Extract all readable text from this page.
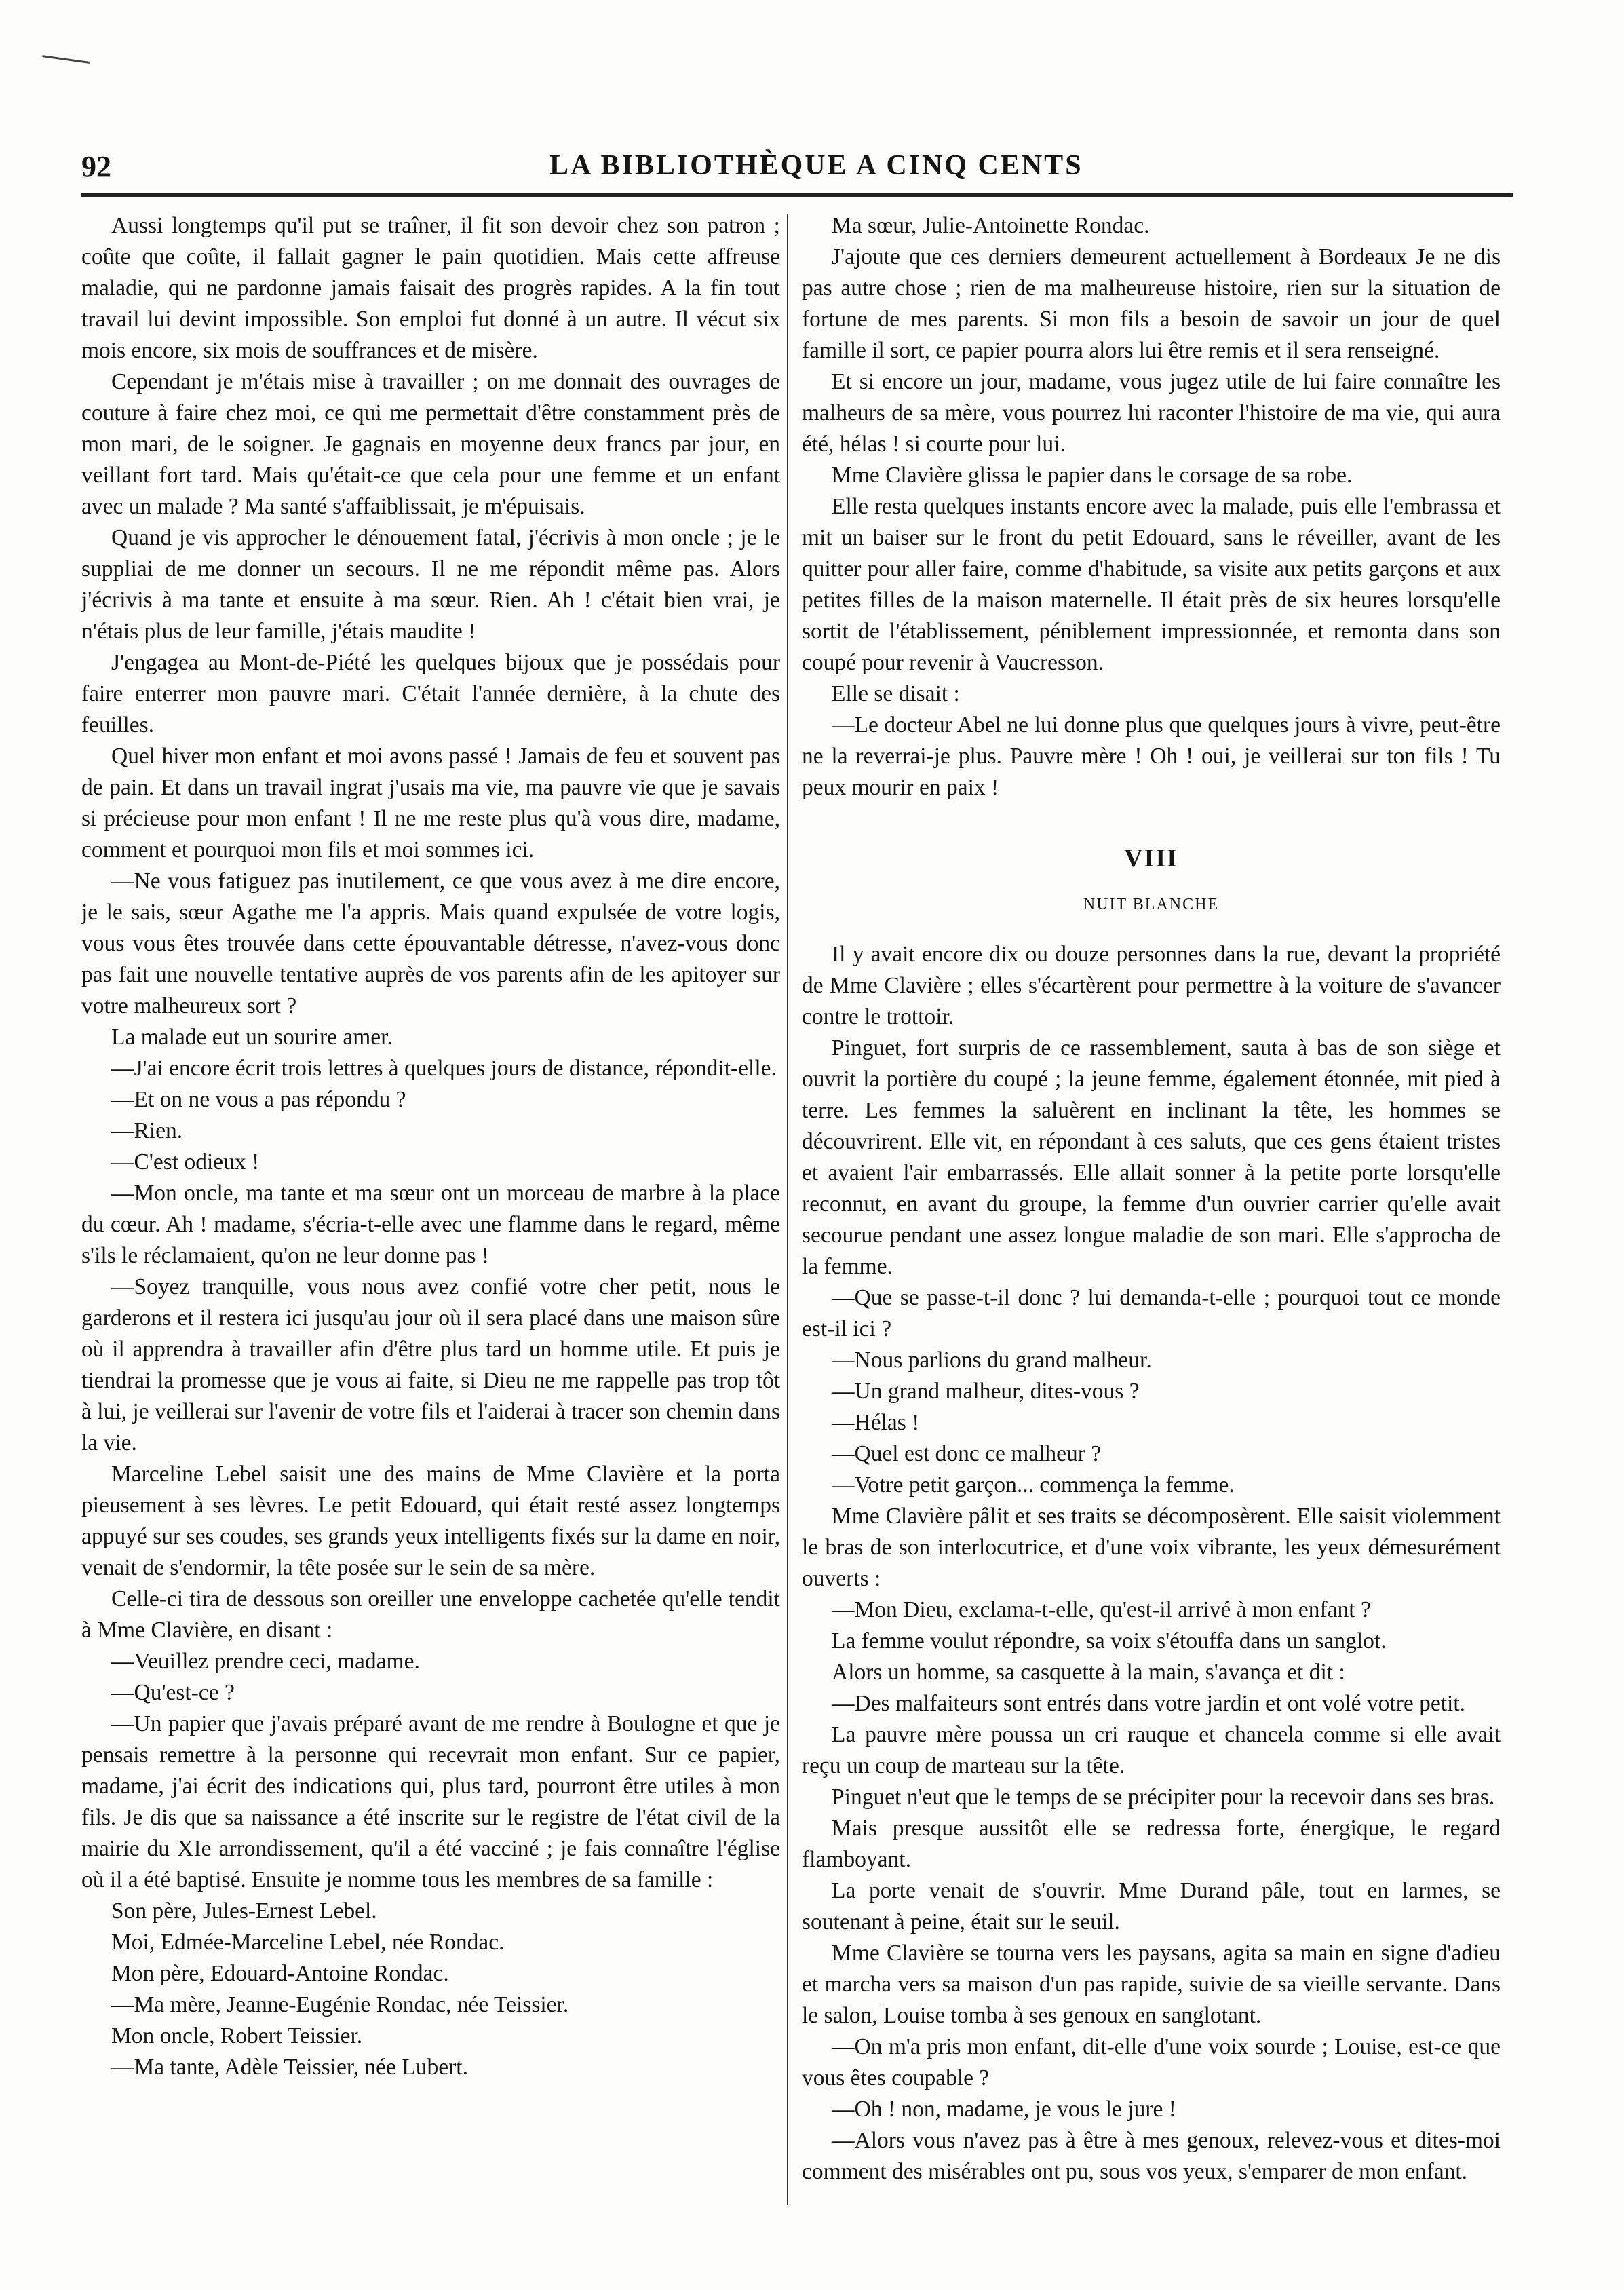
92	LA BIBLIOTHÈQUE A CINQ CENTS

Aussi longtemps qu'il put se traîner, il fit son devoir chez son patron ; coûte que coûte, il fallait gagner le pain quotidien. Mais cette affreuse maladie, qui ne pardonne jamais faisait des progrès rapides. A la fin tout travail lui devint impossible. Son emploi fut donné à un autre. Il vécut six mois encore, six mois de souffrances et de misère.

Cependant je m'étais mise à travailler ; on me donnait des ouvrages de couture à faire chez moi, ce qui me permettait d'être constamment près de mon mari, de le soigner. Je gagnais en moyenne deux francs par jour, en veillant fort tard. Mais qu'était-ce que cela pour une femme et un enfant avec un malade ? Ma santé s'affaiblissait, je m'épuisais.

Quand je vis approcher le dénouement fatal, j'écrivis à mon oncle ; je le suppliai de me donner un secours. Il ne me répondit même pas. Alors j'écrivis à ma tante et ensuite à ma sœur. Rien. Ah ! c'était bien vrai, je n'étais plus de leur famille, j'étais maudite !

J'engagea au Mont-de-Piété les quelques bijoux que je possédais pour faire enterrer mon pauvre mari. C'était l'année dernière, à la chute des feuilles.

Quel hiver mon enfant et moi avons passé ! Jamais de feu et souvent pas de pain. Et dans un travail ingrat j'usais ma vie, ma pauvre vie que je savais si précieuse pour mon enfant ! Il ne me reste plus qu'à vous dire, madame, comment et pourquoi mon fils et moi sommes ici.

—Ne vous fatiguez pas inutilement, ce que vous avez à me dire encore, je le sais, sœur Agathe me l'a appris. Mais quand expulsée de votre logis, vous vous êtes trouvée dans cette épouvantable détresse, n'avez-vous donc pas fait une nouvelle tentative auprès de vos parents afin de les apitoyer sur votre malheureux sort ?

La malade eut un sourire amer.

—J'ai encore écrit trois lettres à quelques jours de distance, répondit-elle.

—Et on ne vous a pas répondu ?

—Rien.

—C'est odieux !

—Mon oncle, ma tante et ma sœur ont un morceau de marbre à la place du cœur. Ah ! madame, s'écria-t-elle avec une flamme dans le regard, même s'ils le réclamaient, qu'on ne leur donne pas !

—Soyez tranquille, vous nous avez confié votre cher petit, nous le garderons et il restera ici jusqu'au jour où il sera placé dans une maison sûre où il apprendra à travailler afin d'être plus tard un homme utile. Et puis je tiendrai la promesse que je vous ai faite, si Dieu ne me rappelle pas trop tôt à lui, je veillerai sur l'avenir de votre fils et l'aiderai à tracer son chemin dans la vie.

Marceline Lebel saisit une des mains de Mme Clavière et la porta pieusement à ses lèvres. Le petit Edouard, qui était resté assez longtemps appuyé sur ses coudes, ses grands yeux intelligents fixés sur la dame en noir, venait de s'endormir, la tête posée sur le sein de sa mère.

Celle-ci tira de dessous son oreiller une enveloppe cachetée qu'elle tendit à Mme Clavière, en disant :

—Veuillez prendre ceci, madame.

—Qu'est-ce ?

—Un papier que j'avais préparé avant de me rendre à Boulogne et que je pensais remettre à la personne qui recevrait mon enfant. Sur ce papier, madame, j'ai écrit des indications qui, plus tard, pourront être utiles à mon fils. Je dis que sa naissance a été inscrite sur le registre de l'état civil de la mairie du XIe arrondissement, qu'il a été vacciné ; je fais connaître l'église où il a été baptisé. Ensuite je nomme tous les membres de sa famille :

Son père, Jules-Ernest Lebel.

Moi, Edmée-Marceline Lebel, née Rondac.

Mon père, Edouard-Antoine Rondac.

—Ma mère, Jeanne-Eugénie Rondac, née Teissier.

Mon oncle, Robert Teissier.

—Ma tante, Adèle Teissier, née Lubert.

Ma sœur, Julie-Antoinette Rondac.

J'ajoute que ces derniers demeurent actuellement à Bordeaux Je ne dis pas autre chose ; rien de ma malheureuse histoire, rien sur la situation de fortune de mes parents. Si mon fils a besoin de savoir un jour de quel famille il sort, ce papier pourra alors lui être remis et il sera renseigné.

Et si encore un jour, madame, vous jugez utile de lui faire connaître les malheurs de sa mère, vous pourrez lui raconter l'histoire de ma vie, qui aura été, hélas ! si courte pour lui.

Mme Clavière glissa le papier dans le corsage de sa robe.

Elle resta quelques instants encore avec la malade, puis elle l'embrassa et mit un baiser sur le front du petit Edouard, sans le réveiller, avant de les quitter pour aller faire, comme d'habitude, sa visite aux petits garçons et aux petites filles de la maison maternelle. Il était près de six heures lorsqu'elle sortit de l'établissement, péniblement impressionnée, et remonta dans son coupé pour revenir à Vaucresson.

Elle se disait :

—Le docteur Abel ne lui donne plus que quelques jours à vivre, peut-être ne la reverrai-je plus. Pauvre mère ! Oh ! oui, je veillerai sur ton fils ! Tu peux mourir en paix !

VIII
NUIT BLANCHE

Il y avait encore dix ou douze personnes dans la rue, devant la propriété de Mme Clavière ; elles s'écartèrent pour permettre à la voiture de s'avancer contre le trottoir.

Pinguet, fort surpris de ce rassemblement, sauta à bas de son siège et ouvrit la portière du coupé ; la jeune femme, également étonnée, mit pied à terre. Les femmes la saluèrent en inclinant la tête, les hommes se découvrirent. Elle vit, en répondant à ces saluts, que ces gens étaient tristes et avaient l'air embarrassés. Elle allait sonner à la petite porte lorsqu'elle reconnut, en avant du groupe, la femme d'un ouvrier carrier qu'elle avait secourue pendant une assez longue maladie de son mari. Elle s'approcha de la femme.

—Que se passe-t-il donc ? lui demanda-t-elle ; pourquoi tout ce monde est-il ici ?

—Nous parlions du grand malheur.

—Un grand malheur, dites-vous ?

—Hélas !

—Quel est donc ce malheur ?

—Votre petit garçon... commença la femme.

Mme Clavière pâlit et ses traits se décomposèrent. Elle saisit violemment le bras de son interlocutrice, et d'une voix vibrante, les yeux démesurément ouverts :

—Mon Dieu, exclama-t-elle, qu'est-il arrivé à mon enfant ?

La femme voulut répondre, sa voix s'étouffa dans un sanglot.

Alors un homme, sa casquette à la main, s'avança et dit :

—Des malfaiteurs sont entrés dans votre jardin et ont volé votre petit.

La pauvre mère poussa un cri rauque et chancela comme si elle avait reçu un coup de marteau sur la tête.

Pinguet n'eut que le temps de se précipiter pour la recevoir dans ses bras.

Mais presque aussitôt elle se redressa forte, énergique, le regard flamboyant.

La porte venait de s'ouvrir. Mme Durand pâle, tout en larmes, se soutenant à peine, était sur le seuil.

Mme Clavière se tourna vers les paysans, agita sa main en signe d'adieu et marcha vers sa maison d'un pas rapide, suivie de sa vieille servante. Dans le salon, Louise tomba à ses genoux en sanglotant.

—On m'a pris mon enfant, dit-elle d'une voix sourde ; Louise, est-ce que vous êtes coupable ?

—Oh ! non, madame, je vous le jure !

—Alors vous n'avez pas à être à mes genoux, relevez-vous et dites-moi comment des misérables ont pu, sous vos yeux, s'emparer de mon enfant.
